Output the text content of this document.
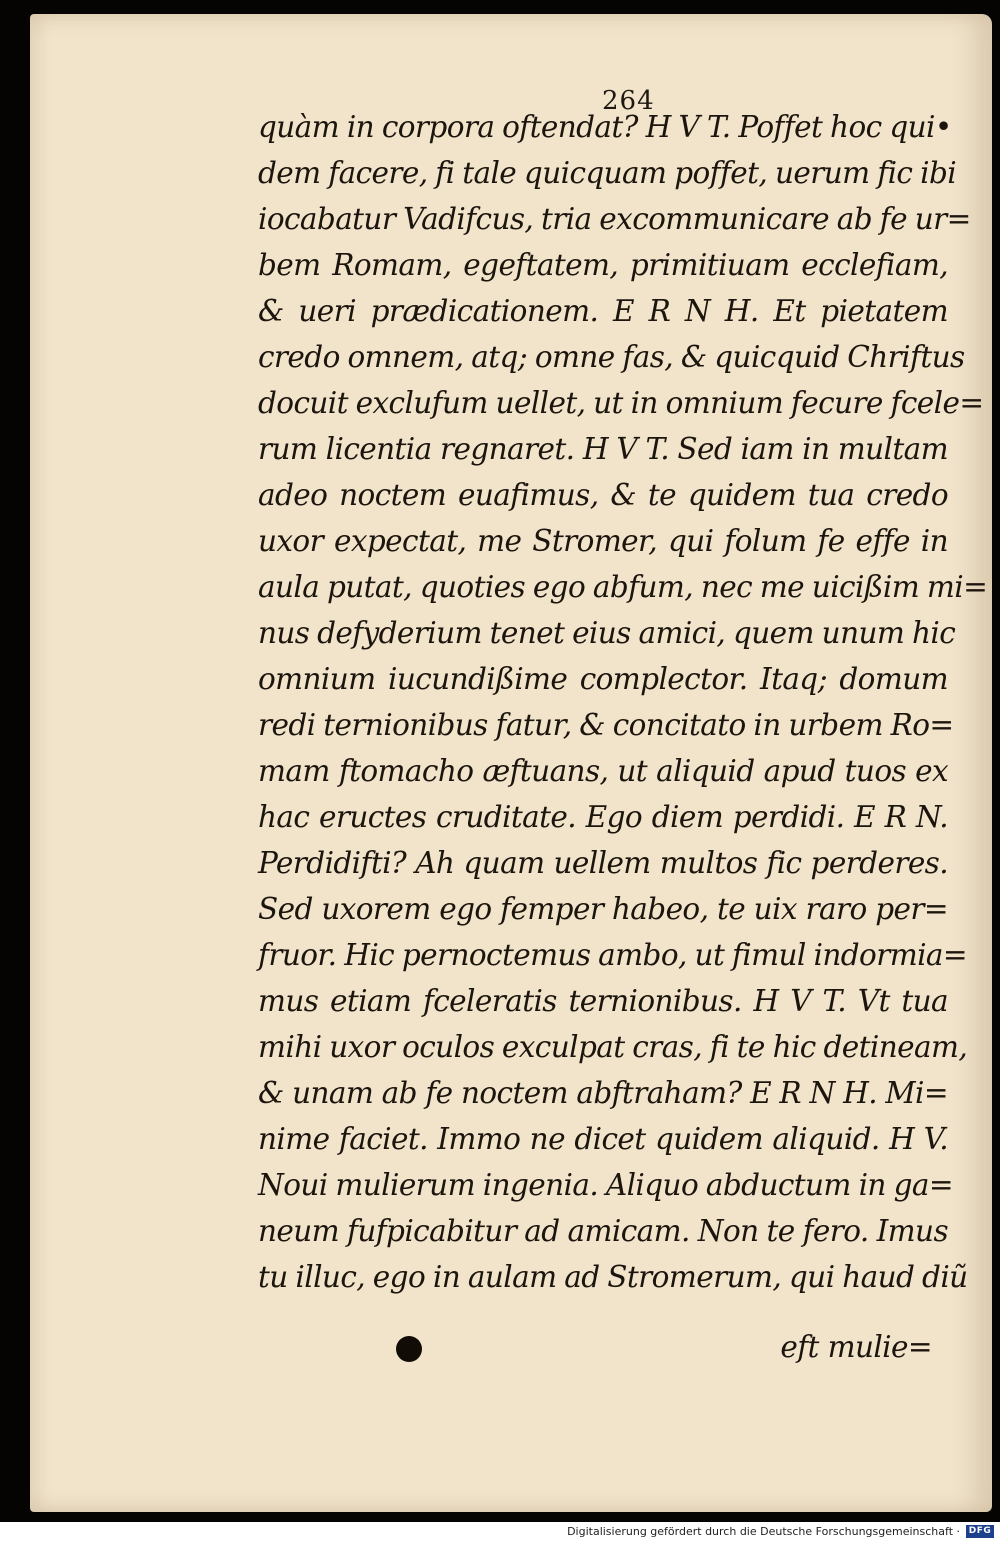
264
quàm in corpora oftendat? H V T. Poffet hoc qui•
dem facere, fi tale quicquam poffet, uerum fic ibi
iocabatur Vadifcus, tria excommunicare ab fe ur=
bem Romam, egeftatem, primitiuam ecclefiam,
& ueri prædicationem. E R N H. Et pietatem
credo omnem, atq; omne fas, & quicquid Chriftus
docuit exclufum uellet, ut in omnium fecure fcele=
rum licentia regnaret. H V T. Sed iam in multam
adeo noctem euafimus, & te quidem tua credo
uxor expectat, me Stromer, qui folum fe effe in
aula putat, quoties ego abfum, nec me uicißim mi=
nus defyderium tenet eius amici, quem unum hic
omnium iucundißime complector. Itaq; domum
redi ternionibus fatur, & concitato in urbem Ro=
mam ftomacho æftuans, ut aliquid apud tuos ex
hac eructes cruditate. Ego diem perdidi. E R N.
Perdidifti? Ah quam uellem multos fic perderes.
Sed uxorem ego femper habeo, te uix raro per=
fruor. Hic pernoctemus ambo, ut fimul indormia=
mus etiam fceleratis ternionibus. H V T. Vt tua
mihi uxor oculos exculpat cras, fi te hic detineam,
& unam ab fe noctem abftraham? E R N H. Mi=
nime faciet. Immo ne dicet quidem aliquid. H V.
Noui mulierum ingenia. Aliquo abductum in ga=
neum fufpicabitur ad amicam. Non te fero. Imus
tu illuc, ego in aulam ad Stromerum, qui haud diũ
eft mulie=
Digitalisierung gefördert durch die Deutsche Forschungsgemeinschaft · DFG
